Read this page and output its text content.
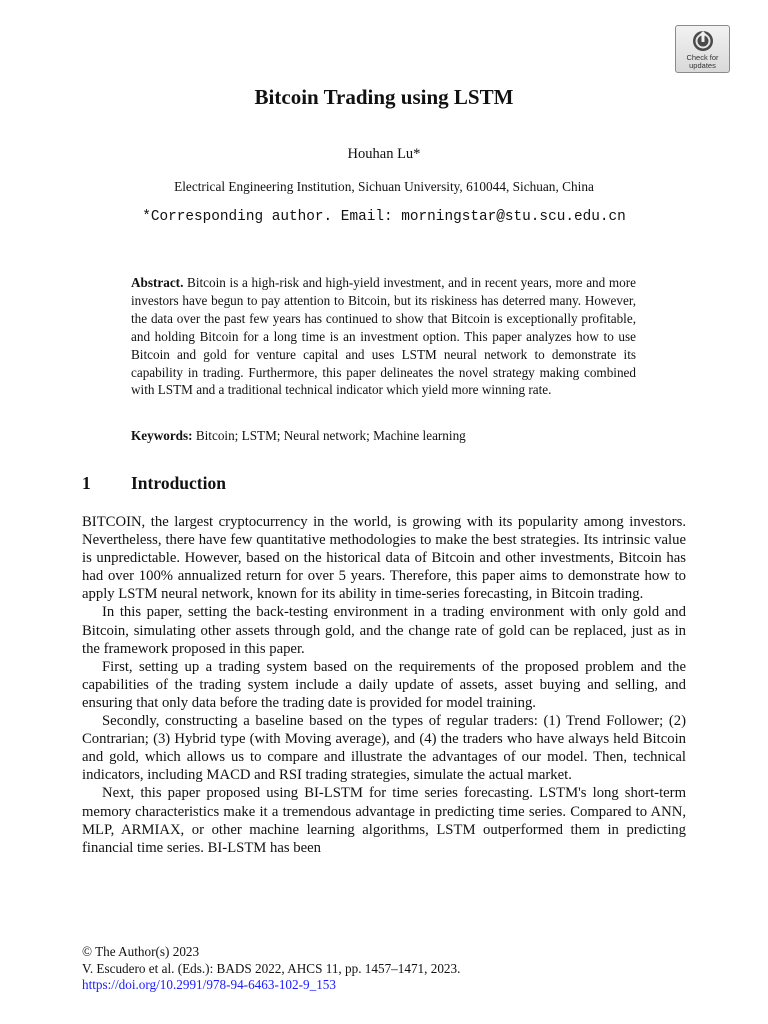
Check for updates
Bitcoin Trading using LSTM
Houhan Lu*
Electrical Engineering Institution, Sichuan University, 610044, Sichuan, China
*Corresponding author. Email: morningstar@stu.scu.edu.cn

Abstract. Bitcoin is a high-risk and high-yield investment, and in recent years, more and more investors have begun to pay attention to Bitcoin, but its riskiness has deterred many. However, the data over the past few years has continued to show that Bitcoin is exceptionally profitable, and holding Bitcoin for a long time is an investment option. This paper analyzes how to use Bitcoin and gold for venture capital and uses LSTM neural network to demonstrate its capability in trading. Furthermore, this paper delineates the novel strategy making combined with LSTM and a traditional technical indicator which yield more winning rate.

Keywords: Bitcoin; LSTM; Neural network; Machine learning

1 Introduction

BITCOIN, the largest cryptocurrency in the world, is growing with its popularity among investors. Nevertheless, there have few quantitative methodologies to make the best strategies. Its intrinsic value is unpredictable. However, based on the historical data of Bitcoin and other investments, Bitcoin has had over 100% annualized return for over 5 years. Therefore, this paper aims to demonstrate how to apply LSTM neural network, known for its ability in time-series forecasting, in Bitcoin trading.

In this paper, setting the back-testing environment in a trading environment with only gold and Bitcoin, simulating other assets through gold, and the change rate of gold can be replaced, just as in the framework proposed in this paper.

First, setting up a trading system based on the requirements of the proposed problem and the capabilities of the trading system include a daily update of assets, asset buying and selling, and ensuring that only data before the trading date is provided for model training.

Secondly, constructing a baseline based on the types of regular traders: (1) Trend Follower; (2) Contrarian; (3) Hybrid type (with Moving average), and (4) the traders who have always held Bitcoin and gold, which allows us to compare and illustrate the advantages of our model. Then, technical indicators, including MACD and RSI trading strategies, simulate the actual market.

Next, this paper proposed using BI-LSTM for time series forecasting. LSTM's long short-term memory characteristics make it a tremendous advantage in predicting time series. Compared to ANN, MLP, ARMIAX, or other machine learning algorithms, LSTM outperformed them in predicting financial time series. BI-LSTM has been

© The Author(s) 2023
V. Escudero et al. (Eds.): BADS 2022, AHCS 11, pp. 1457–1471, 2023.
https://doi.org/10.2991/978-94-6463-102-9_153
